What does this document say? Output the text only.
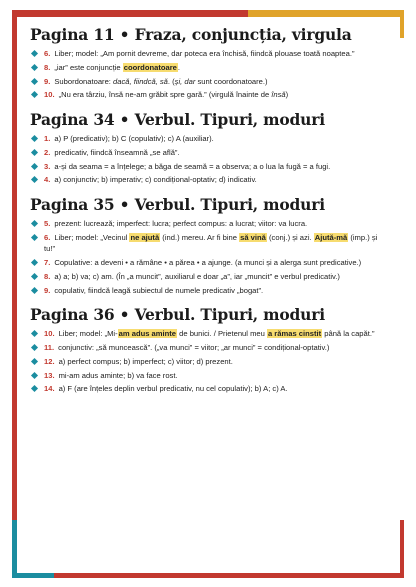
Pagina 11 • Fraza, conjuncția, virgula
6. Liber; model: „Am pornit devreme, dar poteca era închisă, fiindcă plouase toată noaptea.”
8. „iar” este conjuncție coordonatoare.
9. Subordonatoare: dacă, fiindcă, să. (și, dar sunt coordonatoare.)
10. „Nu era târziu, însă ne-am grăbit spre gară.” (virgulă înainte de însă)
Pagina 34 • Verbul. Tipuri, moduri
1. a) P (predicativ); b) C (copulativ); c) A (auxiliar).
2. predicativ, fiindcă înseamnă „se află”.
3. a-și da seama = a înțelege; a băga de seamă = a observa; a o lua la fugă = a fugi.
4. a) conjunctiv; b) imperativ; c) condițional-optativ; d) indicativ.
Pagina 35 • Verbul. Tipuri, moduri
5. prezent: lucrează; imperfect: lucra; perfect compus: a lucrat; viitor: va lucra.
6. Liber; model: „Vecinul ne ajută (ind.) mereu. Ar fi bine să vină (conj.) și azi. Ajută-mă (imp.) și tu!”
7. Copulative: a deveni • a rămâne • a părea • a ajunge. (a munci și a alerga sunt predicative.)
8. a) a; b) va; c) am. (În „a muncit”, auxiliarul e doar „a”, iar „muncit” e verbul predicativ.)
9. copulativ, fiindcă leagă subiectul de numele predicativ „bogat”.
Pagina 36 • Verbul. Tipuri, moduri
10. Liber; model: „Mi-am adus aminte de bunici. / Prietenul meu a rămas cinstit până la capăt.”
11. conjunctiv: „să muncească”. („va munci” = viitor; „ar munci” = condițional-optativ.)
12. a) perfect compus; b) imperfect; c) viitor; d) prezent.
13. mi-am adus aminte; b) va face rost.
14. a) F (are înțeles deplin verbul predicativ, nu cel copulativ); b) A; c) A.
